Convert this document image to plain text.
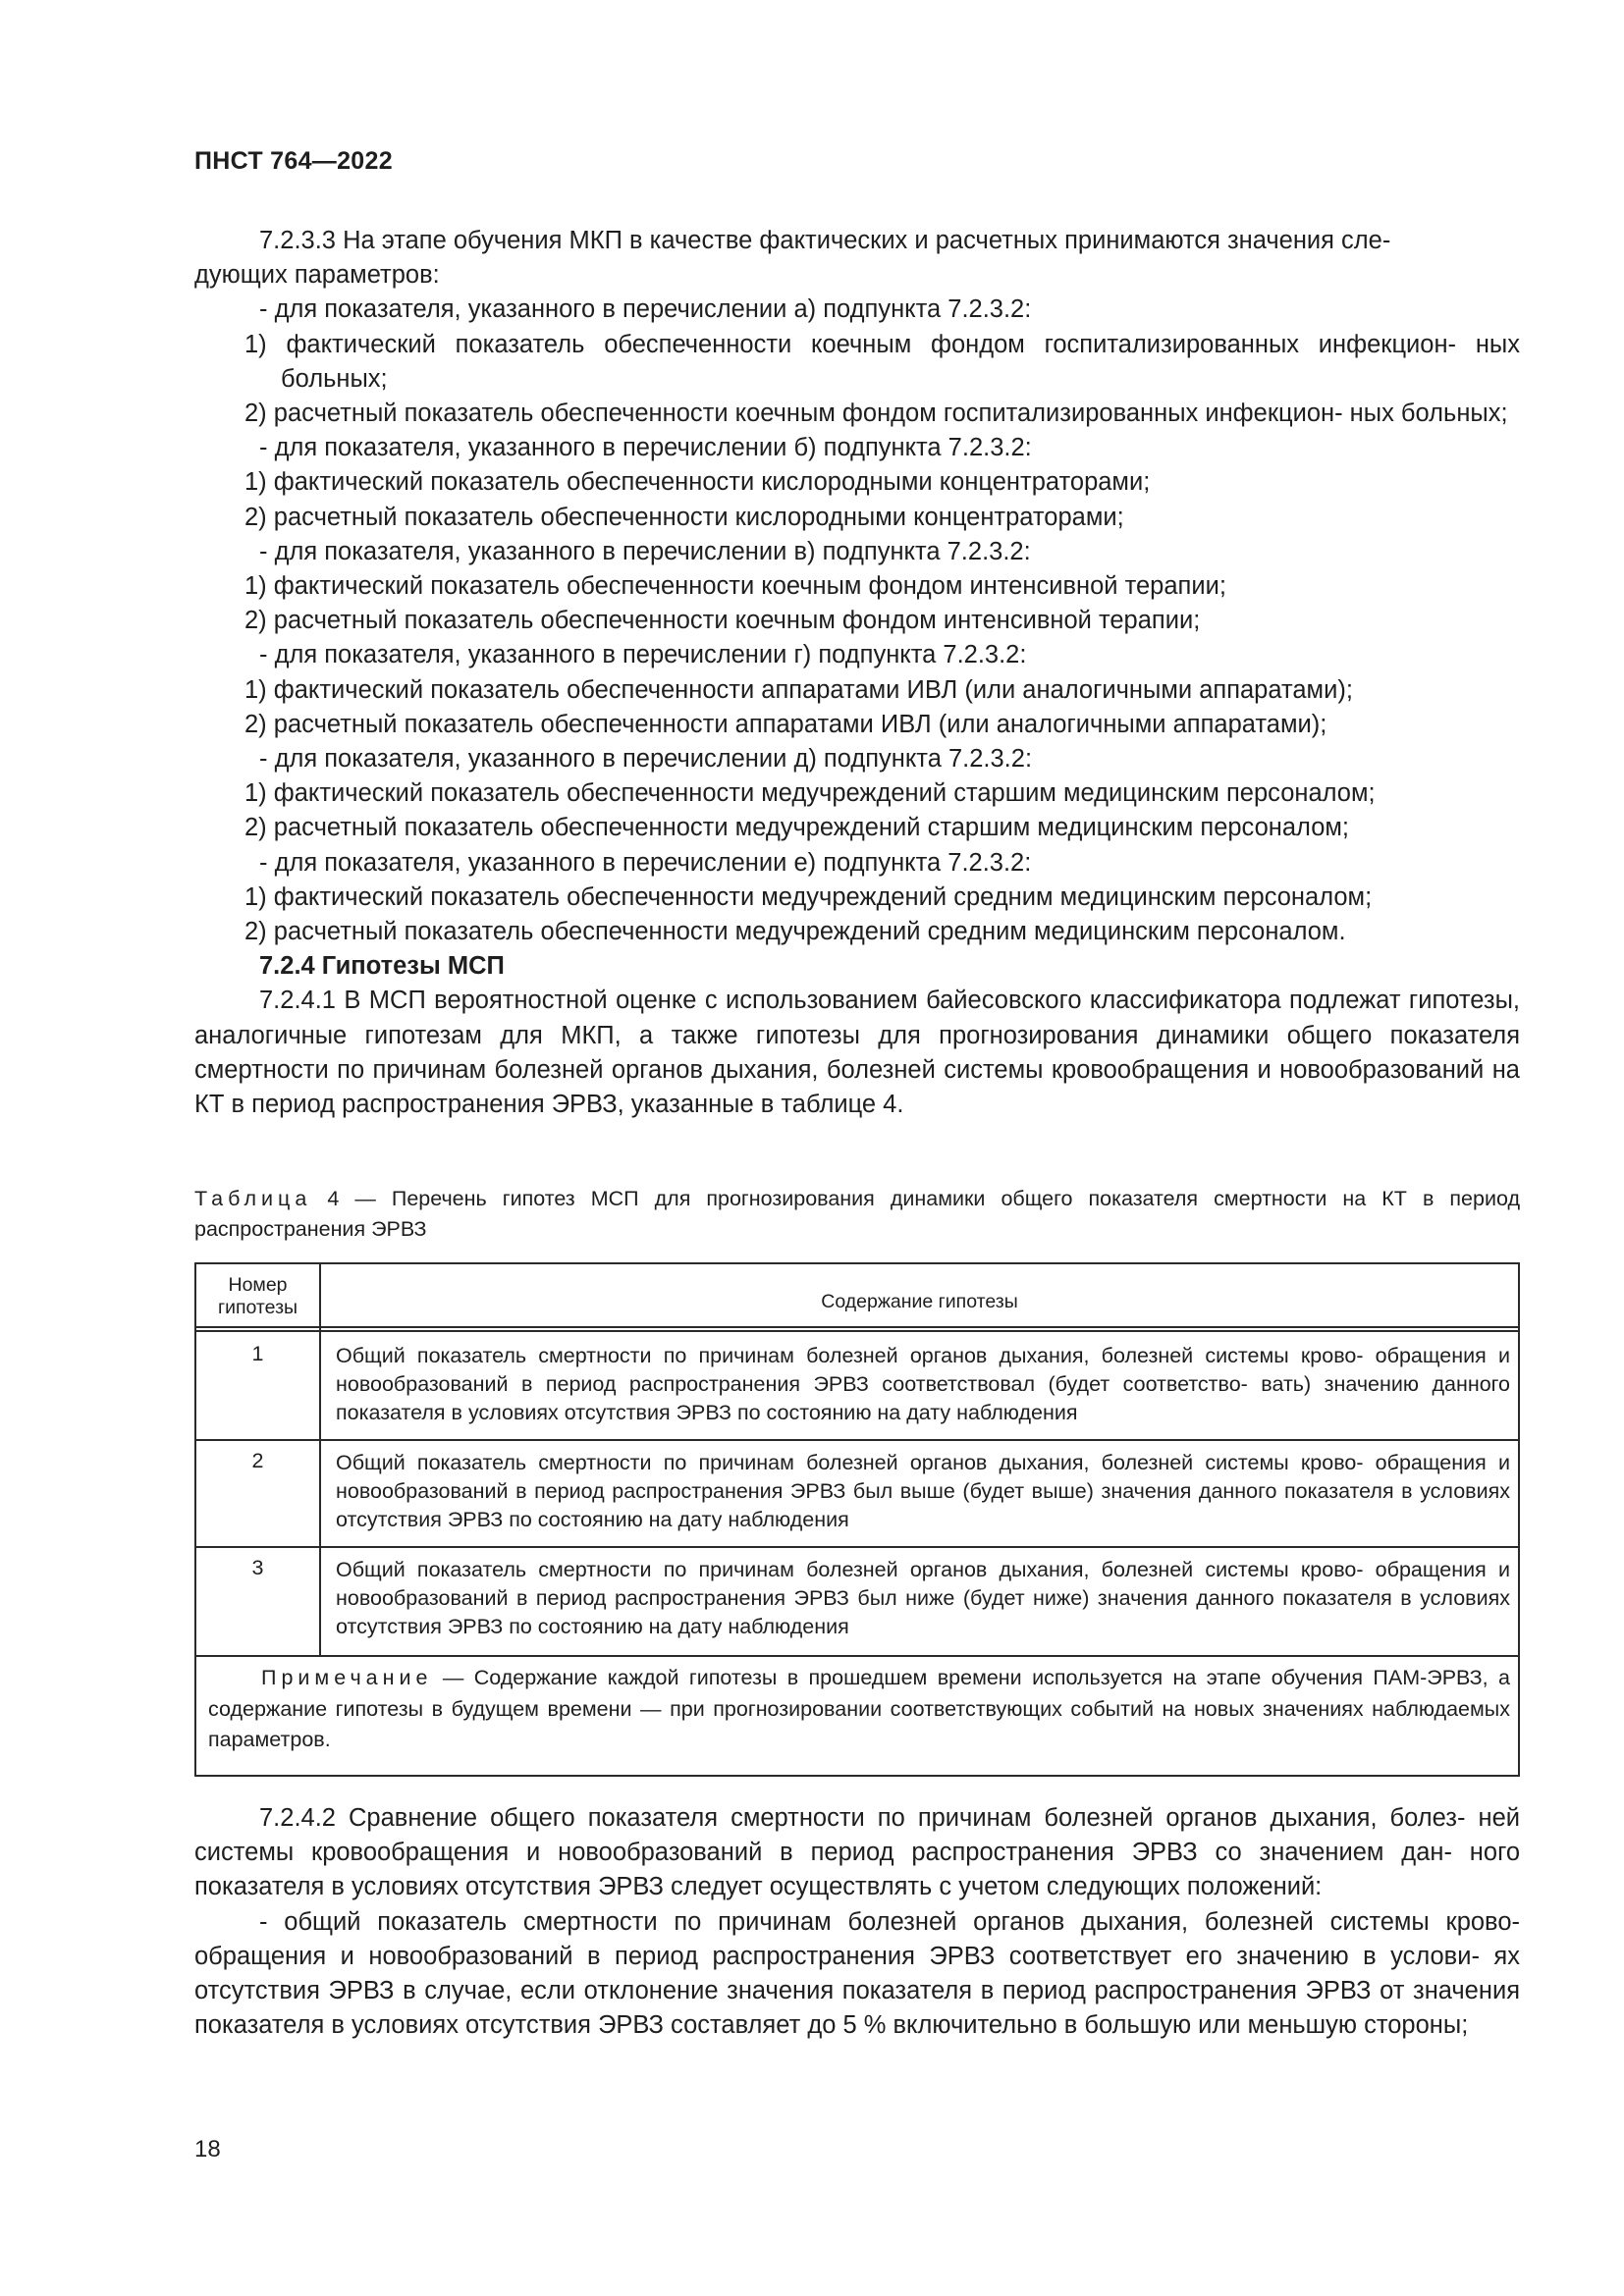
ПНСТ 764—2022

7.2.3.3 На этапе обучения МКП в качестве фактических и расчетных принимаются значения сле-

дующих параметров:

- для показателя, указанного в перечислении а) подпункта 7.2.3.2:

1) фактический показатель обеспеченности коечным фондом госпитализированных инфекцион- ных больных;

2) расчетный показатель обеспеченности коечным фондом госпитализированных инфекцион- ных больных;

- для показателя, указанного в перечислении б) подпункта 7.2.3.2:

1) фактический показатель обеспеченности кислородными концентраторами;

2) расчетный показатель обеспеченности кислородными концентраторами;

- для показателя, указанного в перечислении в) подпункта 7.2.3.2:

1) фактический показатель обеспеченности коечным фондом интенсивной терапии;

2) расчетный показатель обеспеченности коечным фондом интенсивной терапии;

- для показателя, указанного в перечислении г) подпункта 7.2.3.2:

1) фактический показатель обеспеченности аппаратами ИВЛ (или аналогичными аппаратами);

2) расчетный показатель обеспеченности аппаратами ИВЛ (или аналогичными аппаратами);

- для показателя, указанного в перечислении д) подпункта 7.2.3.2:

1) фактический показатель обеспеченности медучреждений старшим медицинским персоналом;

2) расчетный показатель обеспеченности медучреждений старшим медицинским персоналом;

- для показателя, указанного в перечислении е) подпункта 7.2.3.2:

1) фактический показатель обеспеченности медучреждений средним медицинским персоналом;

2) расчетный показатель обеспеченности медучреждений средним медицинским персоналом.

7.2.4 Гипотезы МСП

7.2.4.1 В МСП вероятностной оценке с использованием байесовского классификатора подлежат гипотезы, аналогичные гипотезам для МКП, а также гипотезы для прогнозирования динамики общего показателя смертности по причинам болезней органов дыхания, болезней системы кровообращения и новообразований на КТ в период распространения ЭРВЗ, указанные в таблице 4.

Таблица 4 — Перечень гипотез МСП для прогнозирования динамики общего показателя смертности на КТ в период распространения ЭРВЗ
Номер
гипотезы	Содержание гипотезы
1	Общий показатель смертности по причинам болезней органов дыхания, болезней системы крово- обращения и новообразований в период распространения ЭРВЗ соответствовал (будет соответство- вать) значению данного показателя в условиях отсутствия ЭРВЗ по состоянию на дату наблюдения
2	Общий показатель смертности по причинам болезней органов дыхания, болезней системы крово- обращения и новообразований в период распространения ЭРВЗ был выше (будет выше) значения данного показателя в условиях отсутствия ЭРВЗ по состоянию на дату наблюдения
3	Общий показатель смертности по причинам болезней органов дыхания, болезней системы крово- обращения и новообразований в период распространения ЭРВЗ был ниже (будет ниже) значения данного показателя в условиях отсутствия ЭРВЗ по состоянию на дату наблюдения
Примечание — Содержание каждой гипотезы в прошедшем времени используется на этапе обучения ПАМ-ЭРВЗ, а содержание гипотезы в будущем времени — при прогнозировании соответствующих событий на новых значениях наблюдаемых параметров.

7.2.4.2 Сравнение общего показателя смертности по причинам болезней органов дыхания, болез- ней системы кровообращения и новообразований в период распространения ЭРВЗ со значением дан- ного показателя в условиях отсутствия ЭРВЗ следует осуществлять с учетом следующих положений:

- общий показатель смертности по причинам болезней органов дыхания, болезней системы крово- обращения и новообразований в период распространения ЭРВЗ соответствует его значению в услови- ях отсутствия ЭРВЗ в случае, если отклонение значения показателя в период распространения ЭРВЗ от значения показателя в условиях отсутствия ЭРВЗ составляет до 5 % включительно в большую или меньшую стороны;

18
